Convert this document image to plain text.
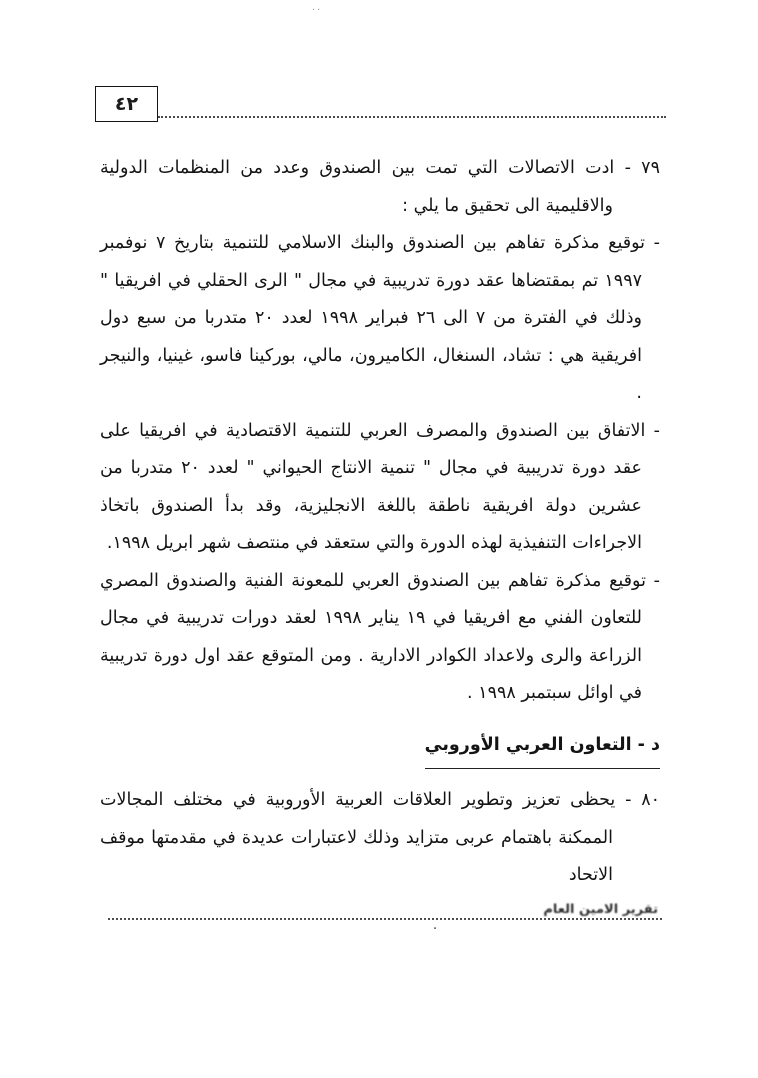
..
٤٢

٧٩ - ادت الاتصالات التي تمت بين الصندوق وعدد من المنظمات الدولية والاقليمية الى تحقيق ما يلي :

- توقيع مذكرة تفاهم بين الصندوق والبنك الاسلامي للتنمية بتاريخ ٧ نوفمبر ١٩٩٧ تم بمقتضاها عقد دورة تدريبية في مجال " الرى الحقلي في افريقيا " وذلك في الفترة من ٧ الى ٢٦ فبراير ١٩٩٨ لعدد ٢٠ متدربا من سبع دول افريقية هي : تشاد، السنغال، الكاميرون، مالي، بوركينا فاسو، غينيا، والنيجر .

- الاتفاق بين الصندوق والمصرف العربي للتنمية الاقتصادية في افريقيا على عقد دورة تدريبية في مجال " تنمية الانتاج الحيواني " لعدد ٢٠ متدربا من عشرين دولة افريقية ناطقة باللغة الانجليزية، وقد بدأ الصندوق باتخاذ الاجراءات التنفيذية لهذه الدورة والتي ستعقد في منتصف شهر ابريل ١٩٩٨.

- توقيع مذكرة تفاهم بين الصندوق العربي للمعونة الفنية والصندوق المصري للتعاون الفني مع افريقيا في ١٩ يناير ١٩٩٨ لعقد دورات تدريبية في مجال الزراعة والرى ولاعداد الكوادر الادارية . ومن المتوقع عقد اول دورة تدريبية في اوائل سبتمبر ١٩٩٨ .

د - التعاون العربي الأوروبي

٨٠ - يحظى تعزيز وتطوير العلاقات العربية الأوروبية في مختلف المجالات الممكنة باهتمام عربى متزايد وذلك لاعتبارات عديدة في مقدمتها موقف الاتحاد

تقرير الامين العام
.
